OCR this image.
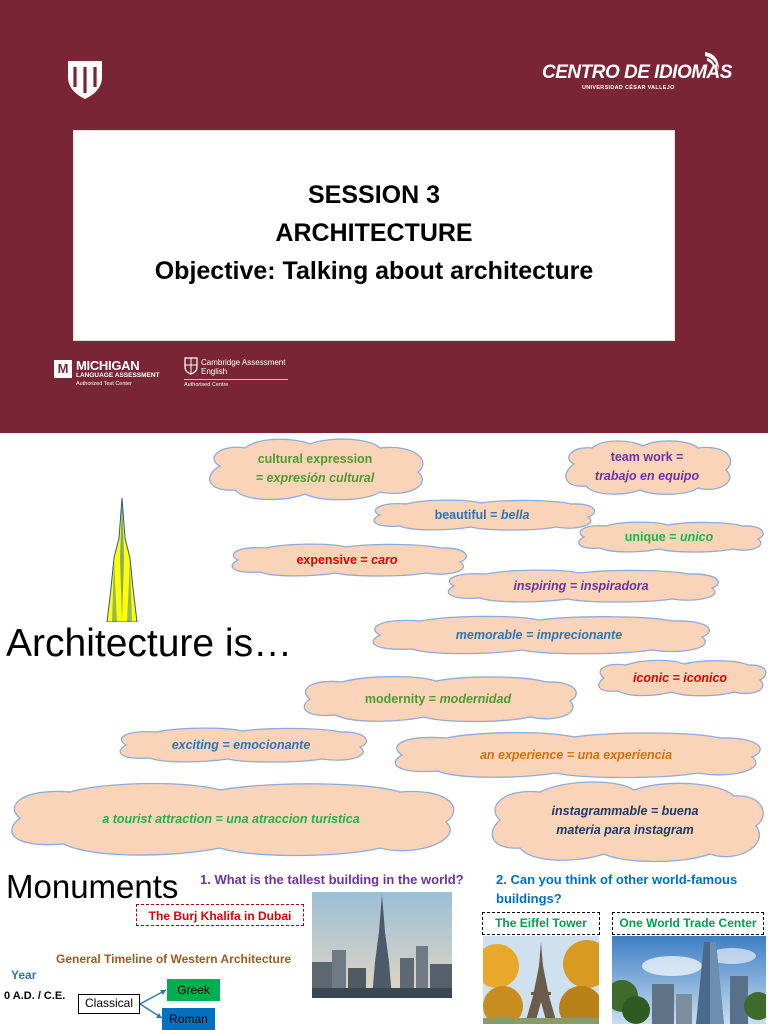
CENTRO DE IDIOMAS
UNIVERSIDAD CÉSAR VALLEJO
SESSION 3
ARCHITECTURE
Objective: Talking about architecture
M MICHIGAN
LANGUAGE ASSESSMENT
Authorized Test Center
Cambridge Assessment
English
Authorised Centre
Architecture is…
cultural expression
= expresión cultural
team work =
trabajo en equipo
beautiful = bella
unique = unico
expensive = caro
inspiring = inspiradora
memorable = imprecionante
iconic = iconico
modernity = modernidad
exciting = emocionante
an experience = una experiencia
a tourist attraction = una atraccion turistica
instagrammable = buena
materia para instagram
Monuments 1. What is the tallest building in the world? 2. Can you think of other world-famous buildings?
The Burj Khalifa in Dubai
General Timeline of Western Architecture
Year
0 A.D. / C.E.	Classical
Greek
Roman
The Eiffel Tower	One World Trade Center
